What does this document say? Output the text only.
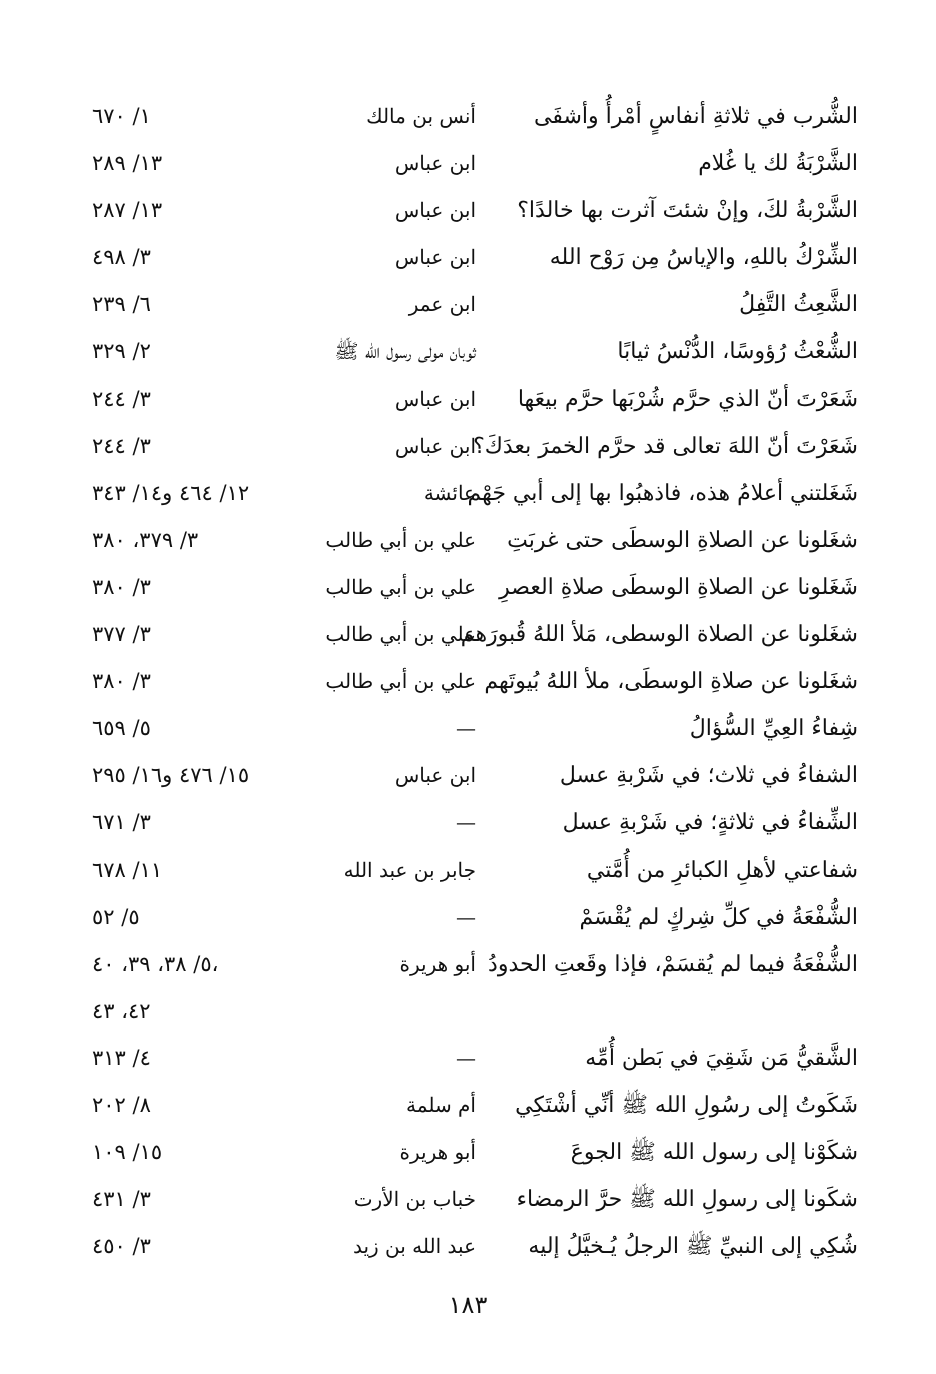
الشُّرب في ثلاثةِ أنفاسٍ أمْرأُ وأشفَى
أنس بن مالك
١/ ٦٧٠
الشَّرْبَةُ لك يا غُلام
ابن عباس
١٣/ ٢٨٩
الشَّرْبةُ لكَ، وإنْ شئتَ آثرت بها خالدًا؟
ابن عباس
١٣/ ٢٨٧
الشِّرْكُ باللهِ، والإياسُ مِن رَوْح الله
ابن عباس
٣/ ٤٩٨
الشَّعِثُ التَّفِلُ
ابن عمر
٦/ ٢٣٩
الشُّعْثُ رُؤوسًا، الدُّنْسُ ثيابًا
ثوبان مولى رسول الله ﷺ
٢/ ٣٢٩
شَعَرْتَ أنّ الذي حرَّم شُرْبَها حرَّم بيعَها
ابن عباس
٣/ ٢٤٤
شَعَرْتَ أنّ اللهَ تعالى قد حرَّم الخمرَ بعدَكَ؟
ابن عباس
٣/ ٢٤٤
شَغَلتني أعلامُ هذه، فاذهبُوا بها إلى أبي جَهْم
عائشة
١٢/ ٤٦٤ و١٤/ ٣٤٣
شغَلونا عن الصلاةِ الوسطَى حتى غربَتِ
علي بن أبي طالب
٣/ ٣٧٩، ٣٨٠
شَغَلونا عن الصلاةِ الوسطَى صلاةِ العصرِ
علي بن أبي طالب
٣/ ٣٨٠
شغَلونا عن الصلاة الوسطى، مَلأ اللهُ قُبورَهم
علي بن أبي طالب
٣/ ٣٧٧
شغَلونا عن صلاةِ الوسطَى، ملأ اللهُ بُيوتَهم
علي بن أبي طالب
٣/ ٣٨٠
شِفاءُ العِيِّ السُّؤالُ
—
٥/ ٦٥٩
الشفاءُ في ثلاث؛ في شَرْبةِ عسل
ابن عباس
١٥/ ٤٧٦ و١٦/ ٢٩٥
الشِّفاءُ في ثلاثةٍ؛ في شَرْبةِ عسل
—
٣/ ٦٧١
شفاعتي لأهلِ الكبائرِ من أُمَّتي
جابر بن عبد الله
١١/ ٦٧٨
الشُّفْعَةُ في كلِّ شِركٍ لم يُقْسَمْ
—
٥/ ٥٢
الشُّفْعَةُ فيما لم يُقسَمْ، فإذا وقَعتِ الحدودُ
أبو هريرة
٥/ ٣٨، ٣٩، ٤٠،
٤٢، ٤٣
الشَّقيُّ مَن شَقِيَ في بَطن أُمِّه
—
٤/ ٣١٣
شَكَوتُ إلى رسُولِ الله ﷺ أنِّي أشْتَكِي
أم سلمة
٨/ ٢٠٢
شكَوْنا إلى رسول الله ﷺ الجوعَ
أبو هريرة
١٥/ ١٠٩
شكَونا إلى رسولِ الله ﷺ حرَّ الرمضاء
خباب بن الأرت
٣/ ٤٣١
شُكِي إلى النبيِّ ﷺ الرجلُ يُـخيَّلُ إليه
عبد الله بن زيد
٣/ ٤٥٠
١٨٣
